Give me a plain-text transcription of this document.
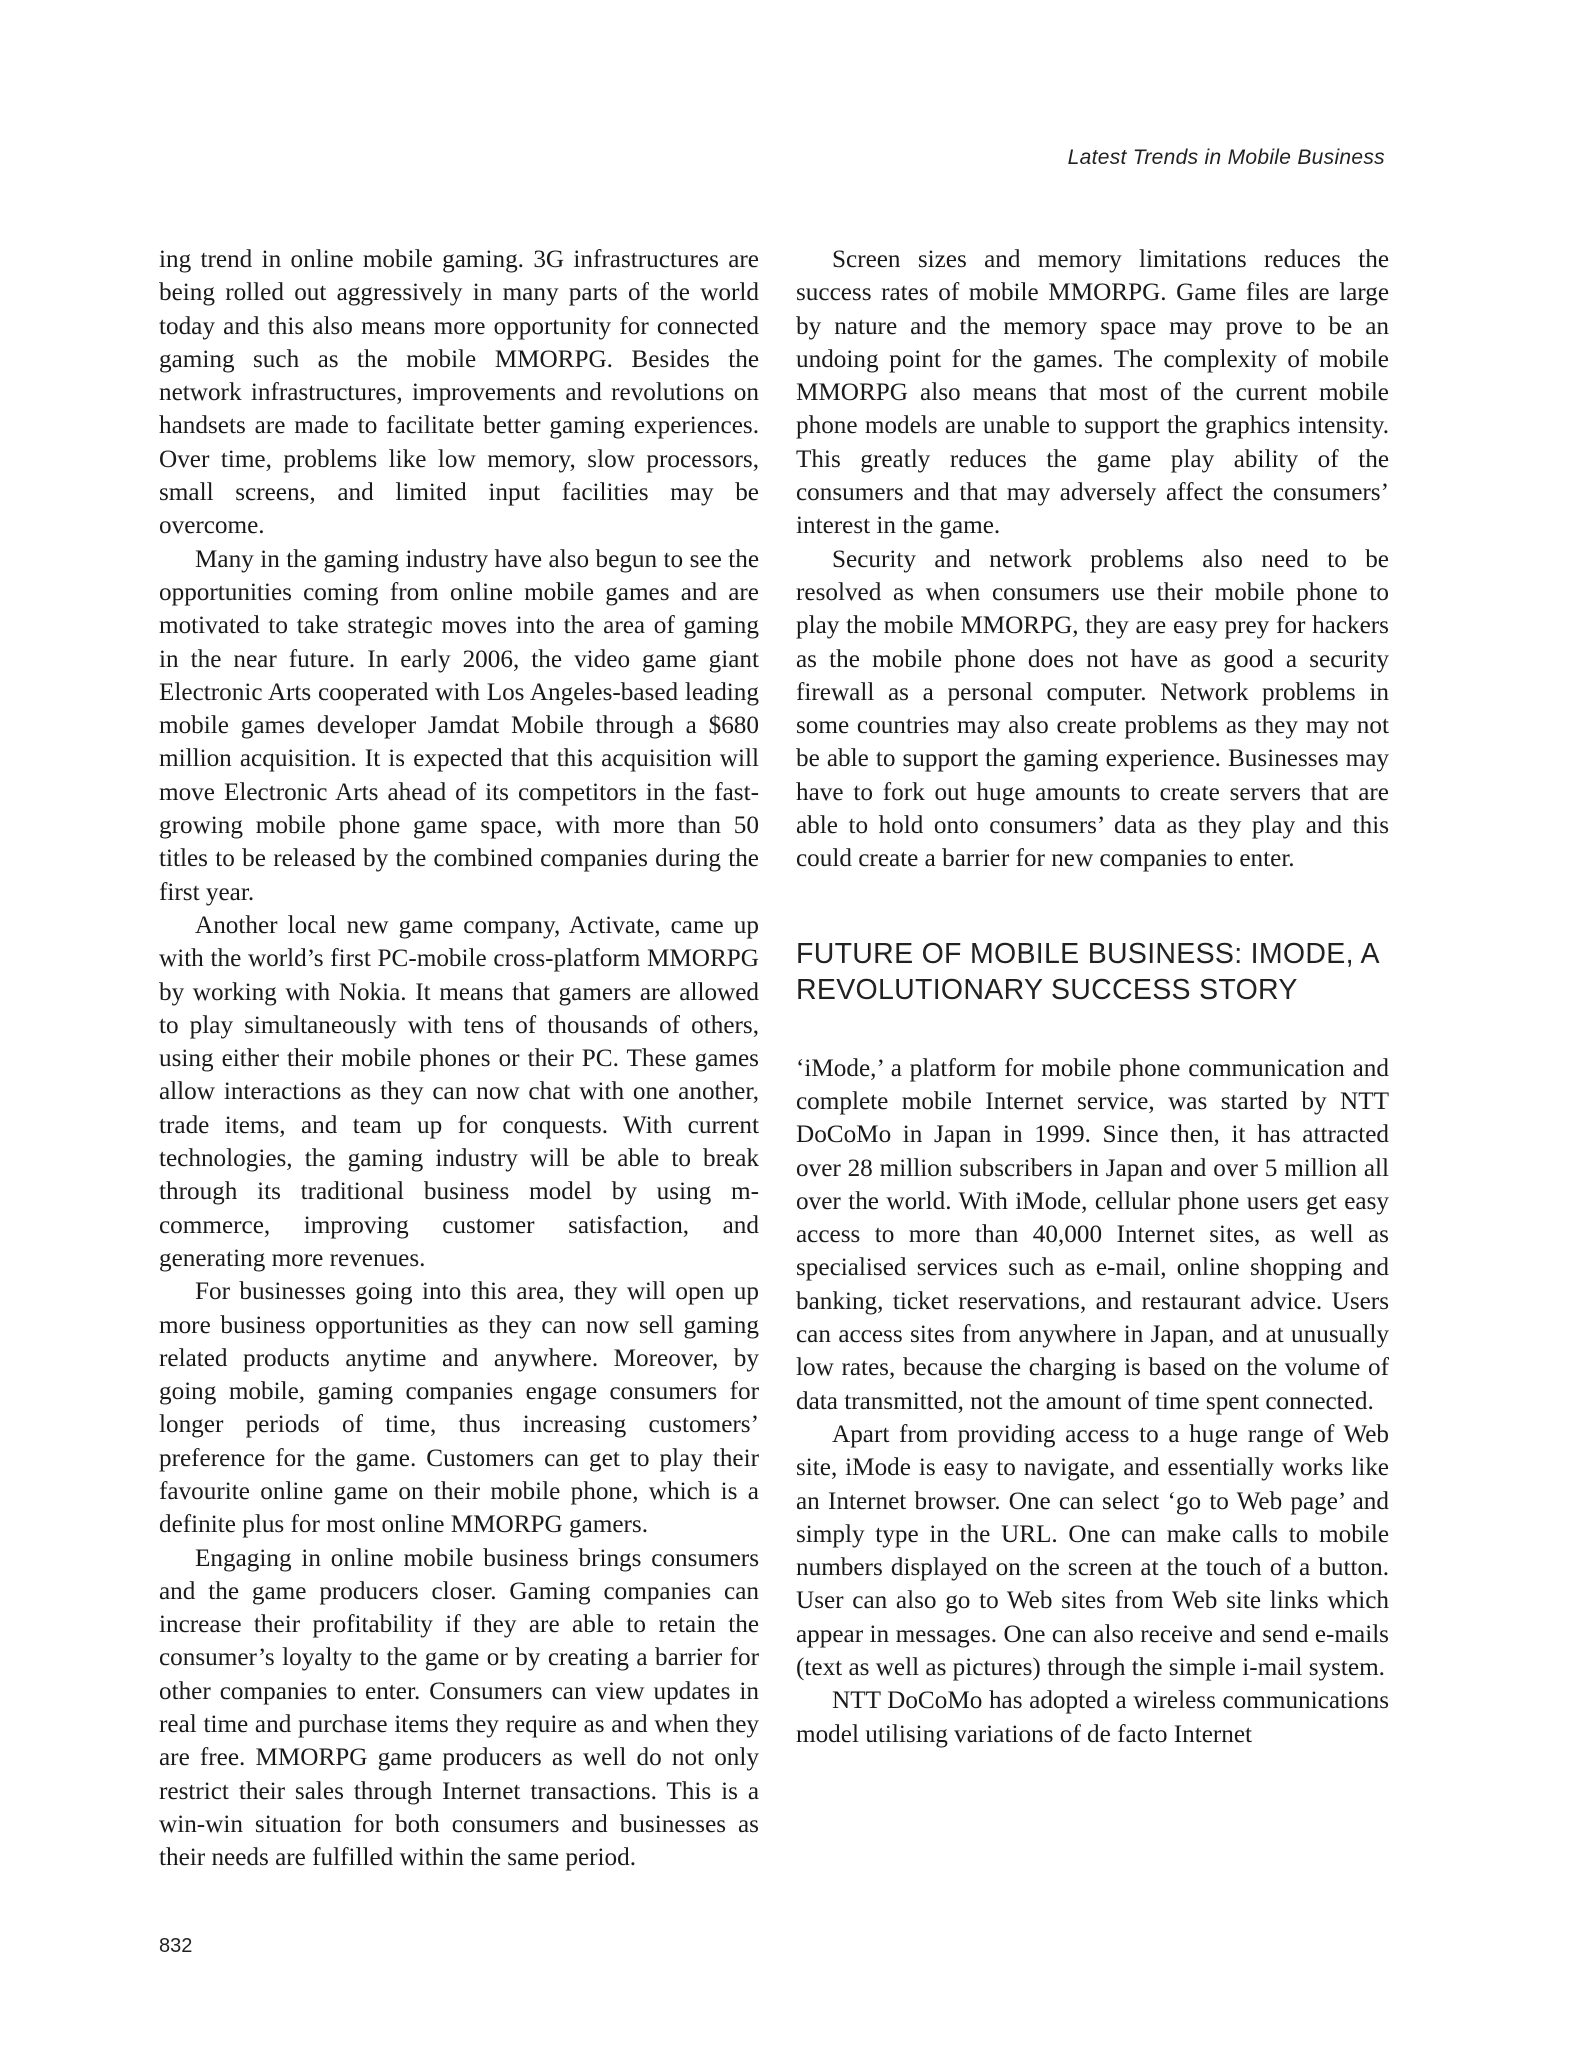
Latest Trends in Mobile Business

ing trend in online mobile gaming. 3G infrastructures are being rolled out aggressively in many parts of the world today and this also means more opportunity for connected gaming such as the mobile MMORPG. Besides the network infrastructures, improvements and revolutions on handsets are made to facilitate better gaming experiences. Over time, problems like low memory, slow processors, small screens, and limited input facilities may be overcome.

Many in the gaming industry have also begun to see the opportunities coming from online mobile games and are motivated to take strategic moves into the area of gaming in the near future. In early 2006, the video game giant Electronic Arts cooperated with Los Angeles-based leading mobile games developer Jamdat Mobile through a $680 million acquisition. It is expected that this acquisition will move Electronic Arts ahead of its competitors in the fast-growing mobile phone game space, with more than 50 titles to be released by the combined companies during the first year.

Another local new game company, Activate, came up with the world’s first PC-mobile cross-platform MMORPG by working with Nokia. It means that gamers are allowed to play simultaneously with tens of thousands of others, using either their mobile phones or their PC. These games allow interactions as they can now chat with one another, trade items, and team up for conquests. With current technologies, the gaming industry will be able to break through its traditional business model by using m-commerce, improving customer satisfaction, and generating more revenues.

For businesses going into this area, they will open up more business opportunities as they can now sell gaming related products anytime and anywhere. Moreover, by going mobile, gaming companies engage consumers for longer periods of time, thus increasing customers’ preference for the game. Customers can get to play their favourite online game on their mobile phone, which is a definite plus for most online MMORPG gamers.

Engaging in online mobile business brings consumers and the game producers closer. Gaming companies can increase their profitability if they are able to retain the consumer’s loyalty to the game or by creating a barrier for other companies to enter. Consumers can view updates in real time and purchase items they require as and when they are free. MMORPG game producers as well do not only restrict their sales through Internet transactions. This is a win-win situation for both consumers and businesses as their needs are fulfilled within the same period.

Screen sizes and memory limitations reduces the success rates of mobile MMORPG. Game files are large by nature and the memory space may prove to be an undoing point for the games. The complexity of mobile MMORPG also means that most of the current mobile phone models are unable to support the graphics intensity. This greatly reduces the game play ability of the consumers and that may adversely affect the consumers’ interest in the game.

Security and network problems also need to be resolved as when consumers use their mobile phone to play the mobile MMORPG, they are easy prey for hackers as the mobile phone does not have as good a security firewall as a personal computer. Network problems in some countries may also create problems as they may not be able to support the gaming experience. Businesses may have to fork out huge amounts to create servers that are able to hold onto consumers’ data as they play and this could create a barrier for new companies to enter.

FUTURE OF MOBILE BUSINESS: IMODE, A REVOLUTIONARY SUCCESS STORY

‘iMode,’ a platform for mobile phone communication and complete mobile Internet service, was started by NTT DoCoMo in Japan in 1999. Since then, it has attracted over 28 million subscribers in Japan and over 5 million all over the world. With iMode, cellular phone users get easy access to more than 40,000 Internet sites, as well as specialised services such as e-mail, online shopping and banking, ticket reservations, and restaurant advice. Users can access sites from anywhere in Japan, and at unusually low rates, because the charging is based on the volume of data transmitted, not the amount of time spent connected.

Apart from providing access to a huge range of Web site, iMode is easy to navigate, and essentially works like an Internet browser. One can select ‘go to Web page’ and simply type in the URL. One can make calls to mobile numbers displayed on the screen at the touch of a button. User can also go to Web sites from Web site links which appear in messages. One can also receive and send e-mails (text as well as pictures) through the simple i-mail system.

NTT DoCoMo has adopted a wireless communications model utilising variations of de facto Internet

832
